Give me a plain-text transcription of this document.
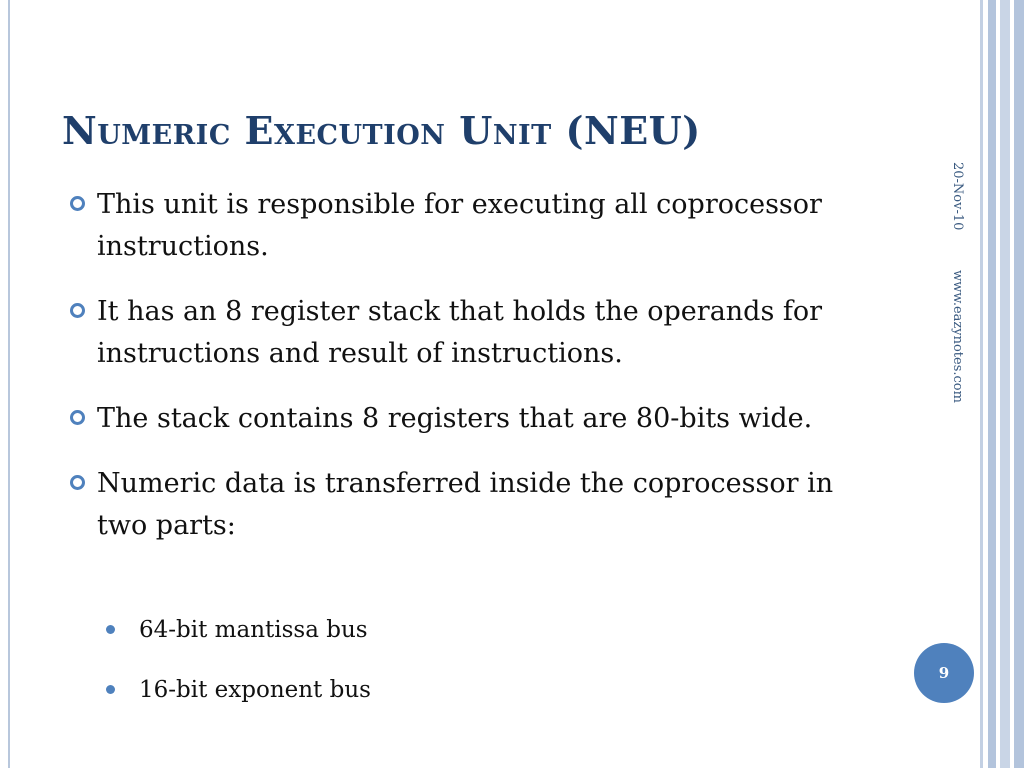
Numeric Execution Unit (NEU)
This unit is responsible for executing all coprocessor instructions.
It has an 8 register stack that holds the operands for instructions and result of instructions.
The stack contains 8 registers that are 80-bits wide.
Numeric data is transferred inside the coprocessor in two parts:
64-bit mantissa bus
16-bit exponent bus
20-Nov-10
www.eazynotes.com
9
